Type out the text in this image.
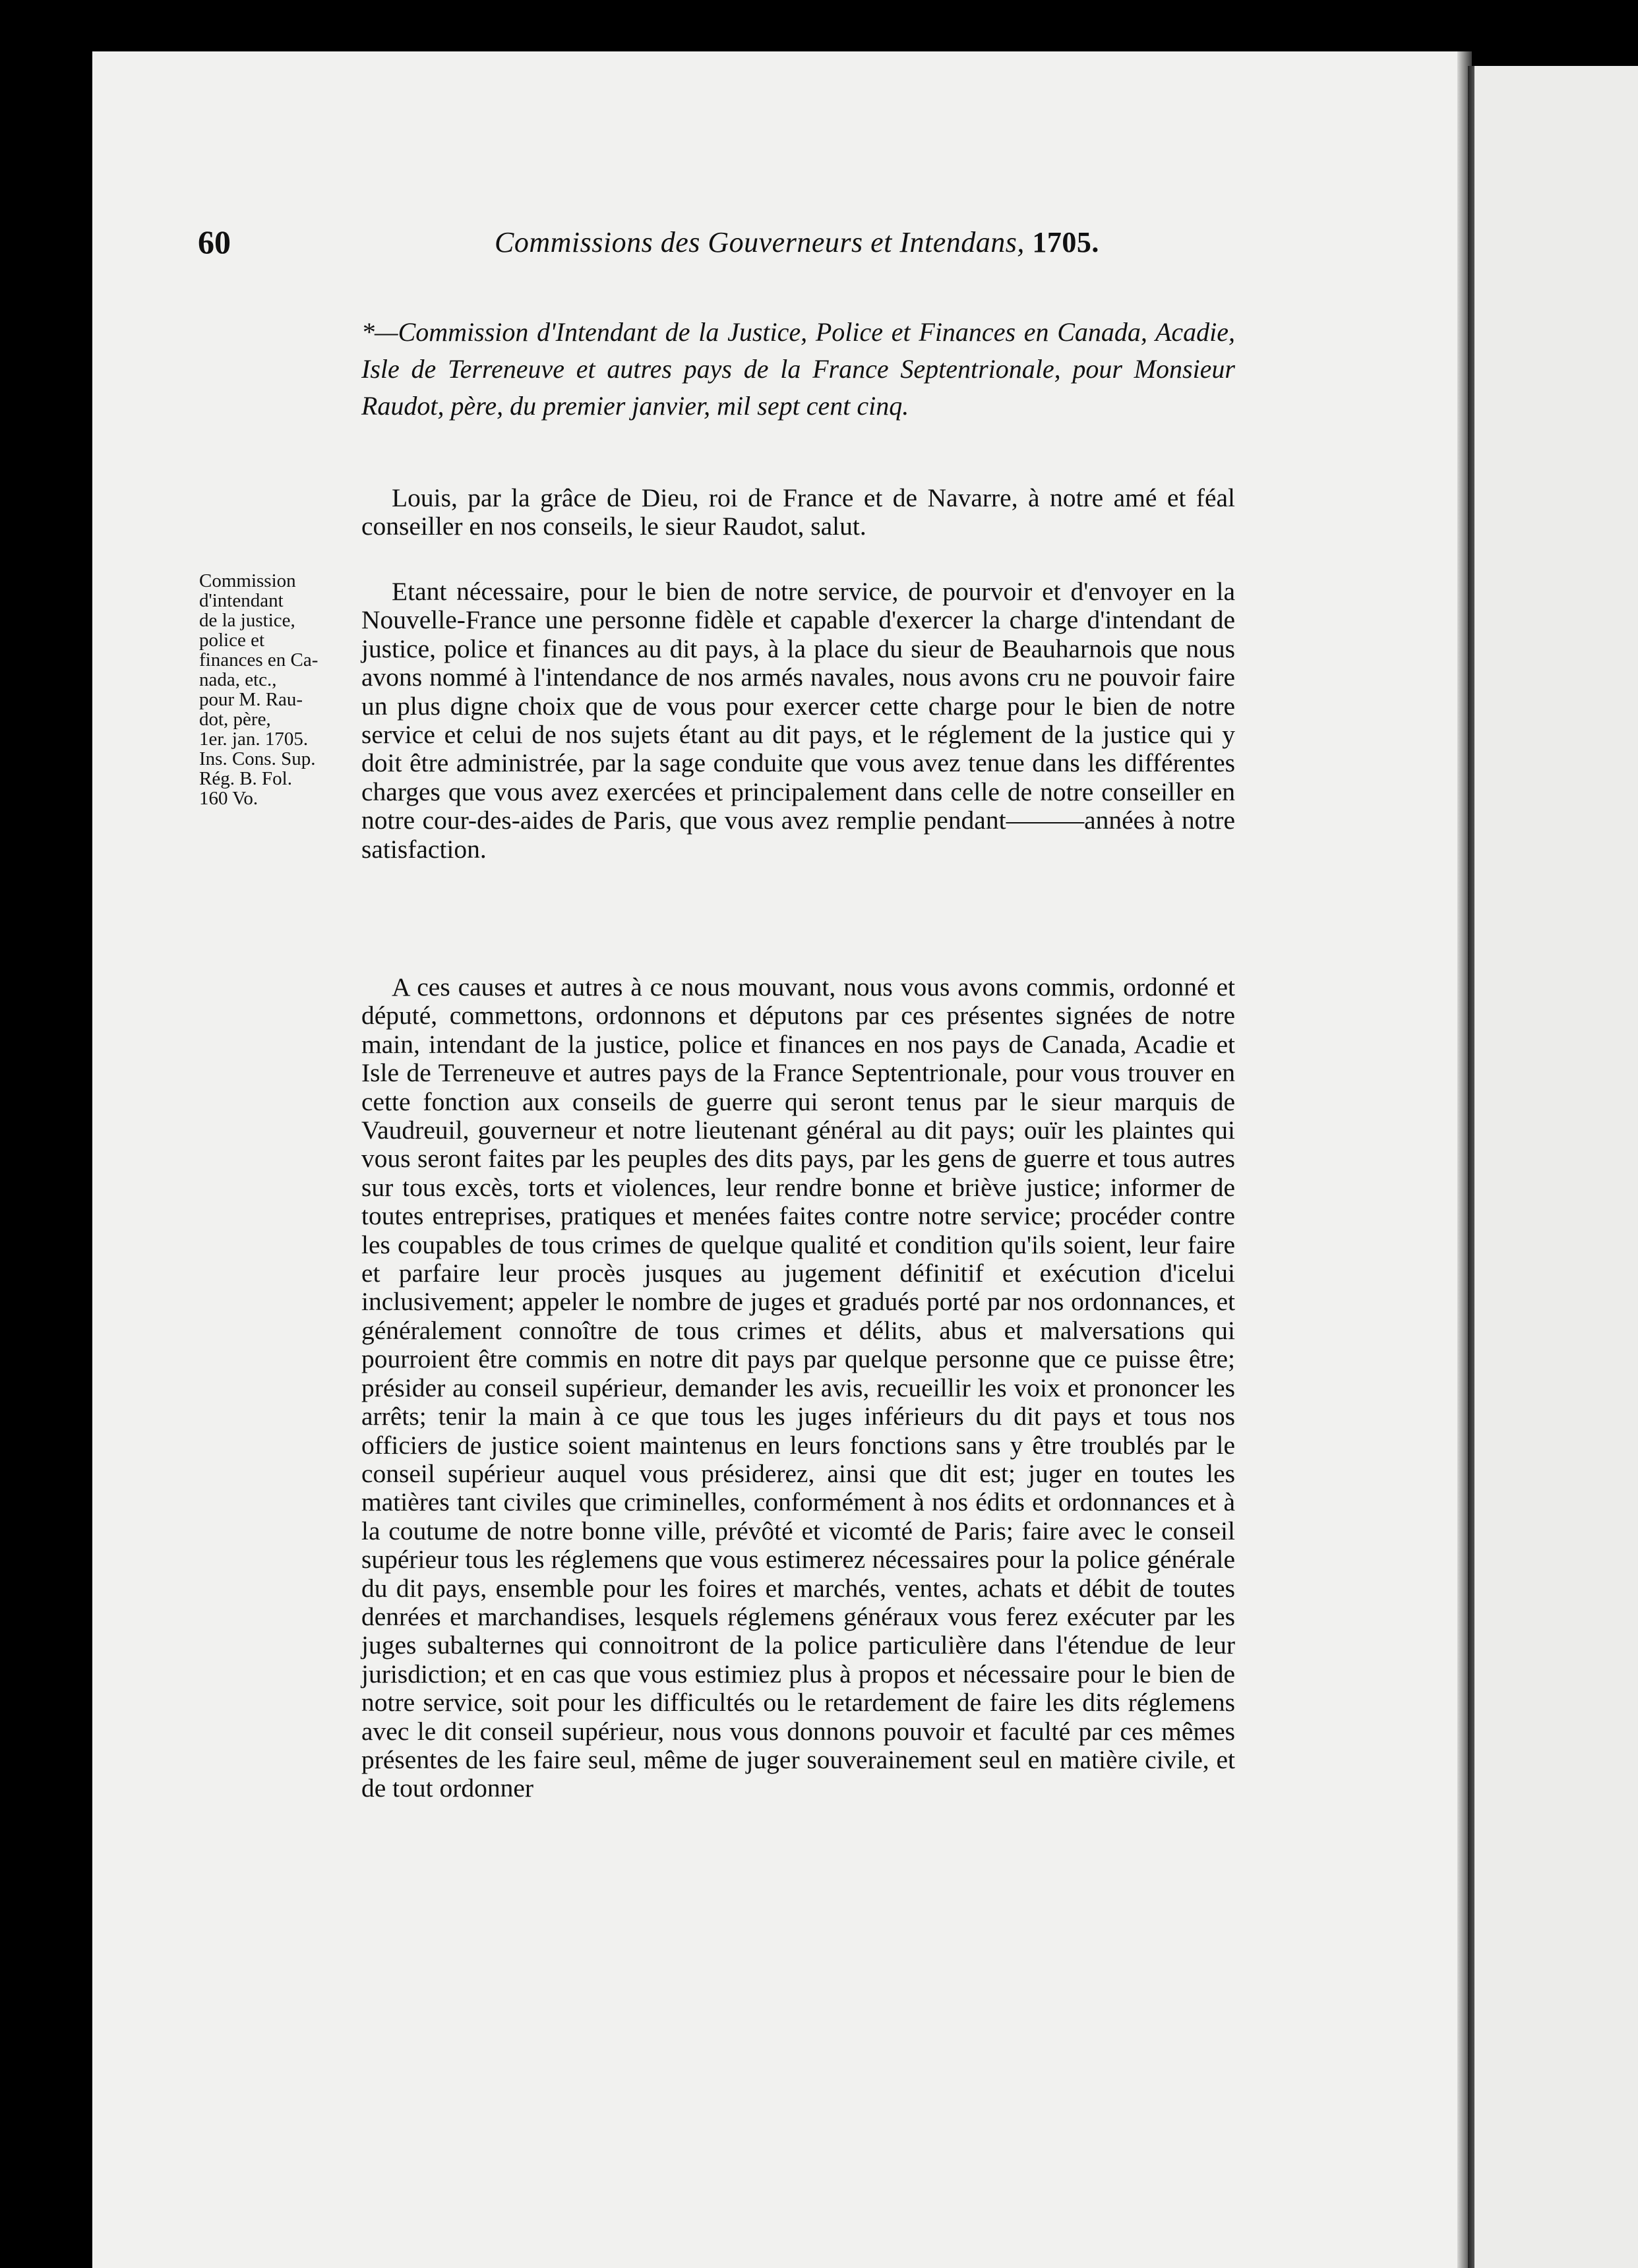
60	Commissions des Gouverneurs et Intendans, 1705.
*—Commission d'Intendant de la Justice, Police et Finances en Canada, Acadie, Isle de Terreneuve et autres pays de la France Septentrionale, pour Monsieur Raudot, père, du premier janvier, mil sept cent cinq.
Commission
d'intendant
de la justice,
police et
finances en Ca-
nada, etc.,
pour M. Rau-
dot, père,
1er. jan. 1705.
Ins. Cons. Sup.
Rég. B. Fol.
160 Vo.

Louis, par la grâce de Dieu, roi de France et de Navarre, à notre amé et féal conseiller en nos conseils, le sieur Raudot, salut.

Etant nécessaire, pour le bien de notre service, de pourvoir et d'envoyer en la Nouvelle-France une personne fidèle et capable d'exercer la charge d'intendant de justice, police et finances au dit pays, à la place du sieur de Beauharnois que nous avons nommé à l'intendance de nos armés navales, nous avons cru ne pouvoir faire un plus digne choix que de vous pour exercer cette charge pour le bien de notre service et celui de nos sujets étant au dit pays, et le réglement de la justice qui y doit être administrée, par la sage conduite que vous avez tenue dans les différentes charges que vous avez exercées et principalement dans celle de notre conseiller en notre cour-des-aides de Paris, que vous avez remplie pendant———années à notre satisfaction.

A ces causes et autres à ce nous mouvant, nous vous avons commis, ordonné et député, commettons, ordonnons et députons par ces présentes signées de notre main, intendant de la justice, police et finances en nos pays de Canada, Acadie et Isle de Terreneuve et autres pays de la France Septentrionale, pour vous trouver en cette fonction aux conseils de guerre qui seront tenus par le sieur marquis de Vaudreuil, gouverneur et notre lieutenant général au dit pays; ouïr les plaintes qui vous seront faites par les peuples des dits pays, par les gens de guerre et tous autres sur tous excès, torts et violences, leur rendre bonne et briève justice; informer de toutes entreprises, pratiques et menées faites contre notre service; procéder contre les coupables de tous crimes de quelque qualité et condition qu'ils soient, leur faire et parfaire leur procès jusques au jugement définitif et exécution d'icelui inclusivement; appeler le nombre de juges et gradués porté par nos ordonnances, et généralement connoître de tous crimes et délits, abus et malversations qui pourroient être commis en notre dit pays par quelque personne que ce puisse être; présider au conseil supérieur, demander les avis, recueillir les voix et prononcer les arrêts; tenir la main à ce que tous les juges inférieurs du dit pays et tous nos officiers de justice soient maintenus en leurs fonctions sans y être troublés par le conseil supérieur auquel vous présiderez, ainsi que dit est; juger en toutes les matières tant civiles que criminelles, conformément à nos édits et ordonnances et à la coutume de notre bonne ville, prévôté et vicomté de Paris; faire avec le conseil supérieur tous les réglemens que vous estimerez nécessaires pour la police générale du dit pays, ensemble pour les foires et marchés, ventes, achats et débit de toutes denrées et marchandises, lesquels réglemens généraux vous ferez exécuter par les juges subalternes qui connoitront de la police particulière dans l'étendue de leur jurisdiction; et en cas que vous estimiez plus à propos et nécessaire pour le bien de notre service, soit pour les difficultés ou le retardement de faire les dits réglemens avec le dit conseil supérieur, nous vous donnons pouvoir et faculté par ces mêmes présentes de les faire seul, même de juger souverainement seul en matière civile, et de tout ordonner
